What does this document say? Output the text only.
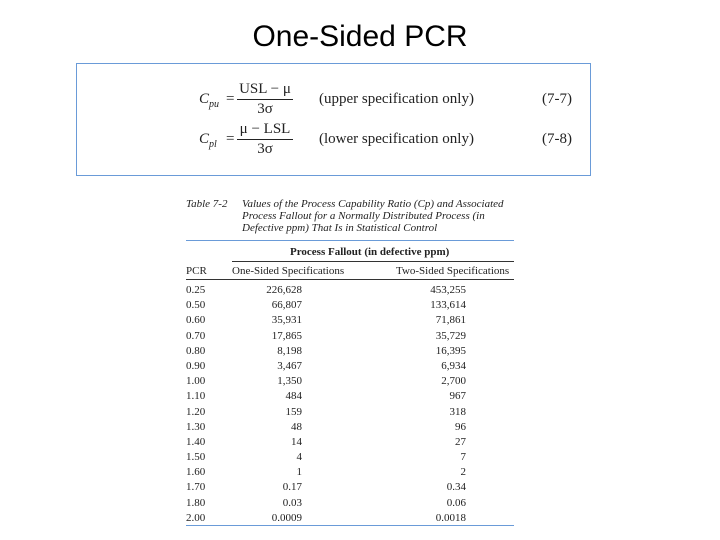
One-Sided PCR
$C_{pu}$ =
USL − μ
3σ
(upper specification only)	(7-7)
$C_{pl}$ =
μ − LSL
3σ
(lower specification only)	(7-8)
Table 7-2 Values of the Process Capability Ratio (Cp) and Associated Process Fallout for a Normally Distributed Process (in Defective ppm) That Is in Statistical Control
Process Fallout (in defective ppm)
PCR One-Sided Specifications	Two-Sided Specifications
0.25	226,628	453,255
0.50	66,807	133,614
0.60	35,931	71,861
0.70	17,865	35,729
0.80	8,198	16,395
0.90	3,467	6,934
1.00	1,350	2,700
1.10	484	967
1.20	159	318
1.30	48	96
1.40	14	27
1.50	4	7
1.60	1	2
1.70	0.17	0.34
1.80	0.03	0.06
2.00	0.0009	0.0018
